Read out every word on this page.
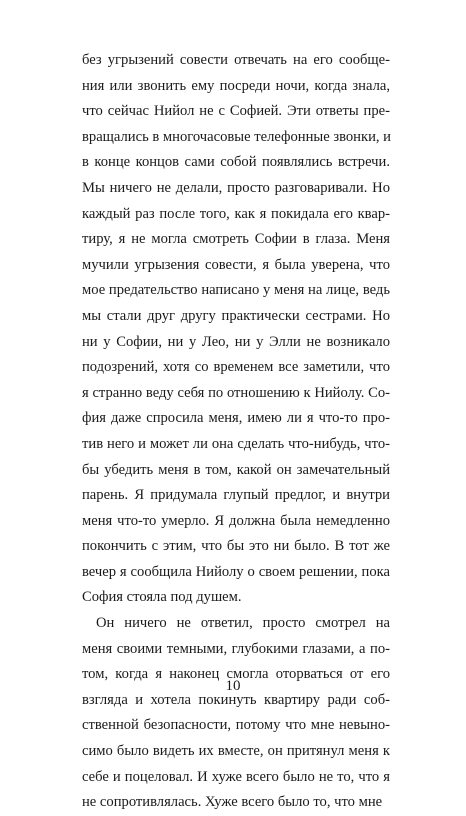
без угрызений совести отвечать на его сообще-
ния или звонить ему посреди ночи, когда знала,
что сейчас Нийол не с Софией. Эти ответы пре-
вращались в многочасовые телефонные звонки, и
в конце концов сами собой появлялись встречи.
Мы ничего не делали, просто разговаривали. Но
каждый раз после того, как я покидала его квар-
тиру, я не могла смотреть Софии в глаза. Меня
мучили угрызения совести, я была уверена, что
мое предательство написано у меня на лице, ведь
мы стали друг другу практически сестрами. Но
ни у Софии, ни у Лео, ни у Элли не возникало
подозрений, хотя со временем все заметили, что
я странно веду себя по отношению к Нийолу. Со-
фия даже спросила меня, имею ли я что-то про-
тив него и может ли она сделать что-нибудь, что-
бы убедить меня в том, какой он замечательный
парень. Я придумала глупый предлог, и внутри
меня что-то умерло. Я должна была немедленно
покончить с этим, что бы это ни было. В тот же
вечер я сообщила Нийолу о своем решении, пока
София стояла под душем.
Он ничего не ответил, просто смотрел на
меня своими темными, глубокими глазами, а по-
том, когда я наконец смогла оторваться от его
взгляда и хотела покинуть квартиру ради соб-
ственной безопасности, потому что мне невыно-
симо было видеть их вместе, он притянул меня к
себе и поцеловал. И хуже всего было не то, что я
не сопротивлялась. Хуже всего было то, что мне
10
